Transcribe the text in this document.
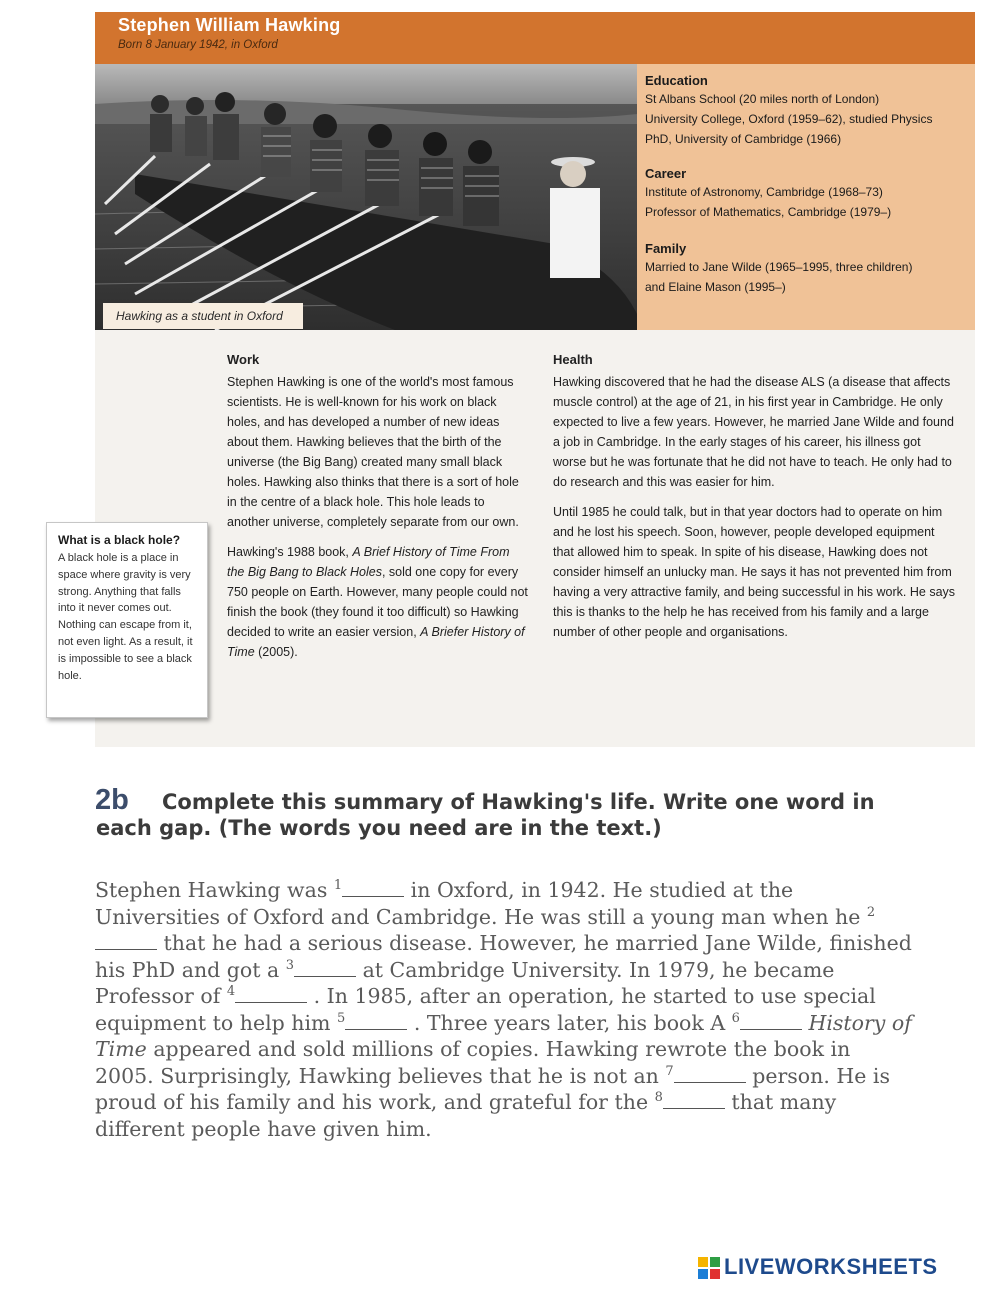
Stephen William Hawking
Born 8 January 1942, in Oxford
Hawking as a student in Oxford

Education

St Albans School (20 miles north of London)

University College, Oxford (1959–62), studied Physics

PhD, University of Cambridge (1966)

Career

Institute of Astronomy, Cambridge (1968–73)

Professor of Mathematics, Cambridge (1979–)

Family

Married to Jane Wilde (1965–1995, three children)

and Elaine Mason (1995–)

Work

Stephen Hawking is one of the world's most famous scientists. He is well-known for his work on black holes, and has developed a number of new ideas about them. Hawking believes that the birth of the universe (the Big Bang) created many small black holes. Hawking also thinks that there is a sort of hole in the centre of a black hole. This hole leads to another universe, completely separate from our own.

Hawking's 1988 book, A Brief History of Time From the Big Bang to Black Holes, sold one copy for every 750 people on Earth. However, many people could not finish the book (they found it too difficult) so Hawking decided to write an easier version, A Briefer History of Time (2005).

Health

Hawking discovered that he had the disease ALS (a disease that affects muscle control) at the age of 21, in his first year in Cambridge. He only expected to live a few years. However, he married Jane Wilde and found a job in Cambridge. In the early stages of his career, his illness got worse but he was fortunate that he did not have to teach. He only had to do research and this was easier for him.

Until 1985 he could talk, but in that year doctors had to operate on him and he lost his speech. Soon, however, people developed equipment that allowed him to speak. In spite of his disease, Hawking does not consider himself an unlucky man. He says it has not prevented him from having a very attractive family, and being successful in his work. He says this is thanks to the help he has received from his family and a large number of other people and organisations.

What is a black hole?

A black hole is a place in space where gravity is very strong. Anything that falls into it never comes out. Nothing can escape from it, not even light. As a result, it is impossible to see a black hole.

2b	Complete this summary of Hawking's life. Write one word in each gap. (The words you need are in the text.)
Stephen Hawking was $^1$	in Oxford, in 1942. He studied at the Universities of Oxford and Cambridge. He was still a young man when he $^2$ that he had a serious disease. However, he married Jane Wilde, finished his PhD and got a $^3$	at Cambridge University. In 1979, he became Professor of $^4$	. In 1985, after an operation, he started to use special equipment to help him $^5$	. Three years later, his book A $^6$	History of Time appeared and sold millions of copies. Hawking rewrote the book in 2005. Surprisingly, Hawking believes that he is not an $^7$	person. He is proud of his family and his work, and grateful for the $^8$	that many different people have given him.
LIVEWORKSHEETS
